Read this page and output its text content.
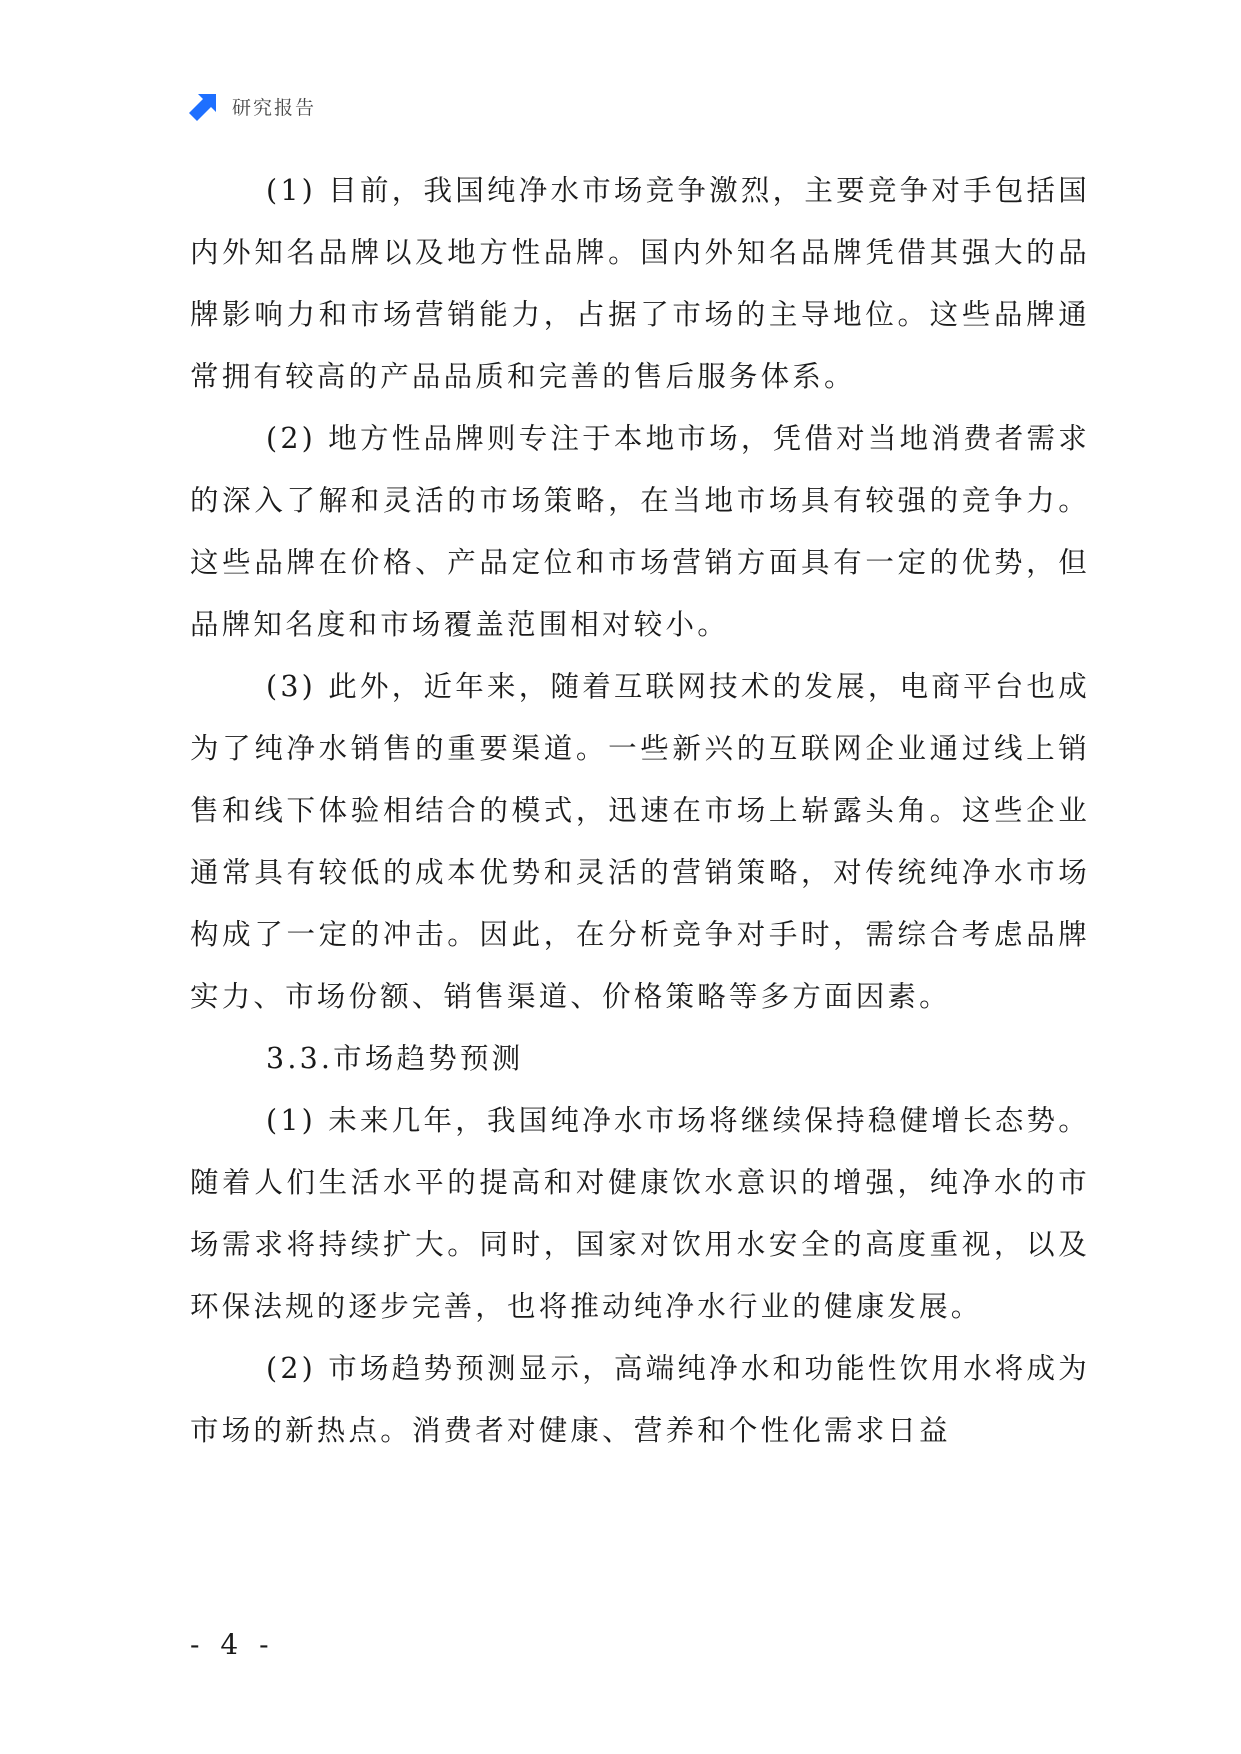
研究报告

(1) 目前，我国纯净水市场竞争激烈，主要竞争对手包括国内外知名品牌以及地方性品牌。国内外知名品牌凭借其强大的品牌影响力和市场营销能力，占据了市场的主导地位。这些品牌通常拥有较高的产品品质和完善的售后服务体系。

(2) 地方性品牌则专注于本地市场，凭借对当地消费者需求的深入了解和灵活的市场策略，在当地市场具有较强的竞争力。这些品牌在价格、产品定位和市场营销方面具有一定的优势，但品牌知名度和市场覆盖范围相对较小。

(3) 此外，近年来，随着互联网技术的发展，电商平台也成为了纯净水销售的重要渠道。一些新兴的互联网企业通过线上销售和线下体验相结合的模式，迅速在市场上崭露头角。这些企业通常具有较低的成本优势和灵活的营销策略，对传统纯净水市场构成了一定的冲击。因此，在分析竞争对手时，需综合考虑品牌实力、市场份额、销售渠道、价格策略等多方面因素。

3.3.市场趋势预测

(1) 未来几年，我国纯净水市场将继续保持稳健增长态势。随着人们生活水平的提高和对健康饮水意识的增强，纯净水的市场需求将持续扩大。同时，国家对饮用水安全的高度重视，以及环保法规的逐步完善，也将推动纯净水行业的健康发展。

(2) 市场趋势预测显示，高端纯净水和功能性饮用水将成为市场的新热点。消费者对健康、营养和个性化需求日益

- 4 -
